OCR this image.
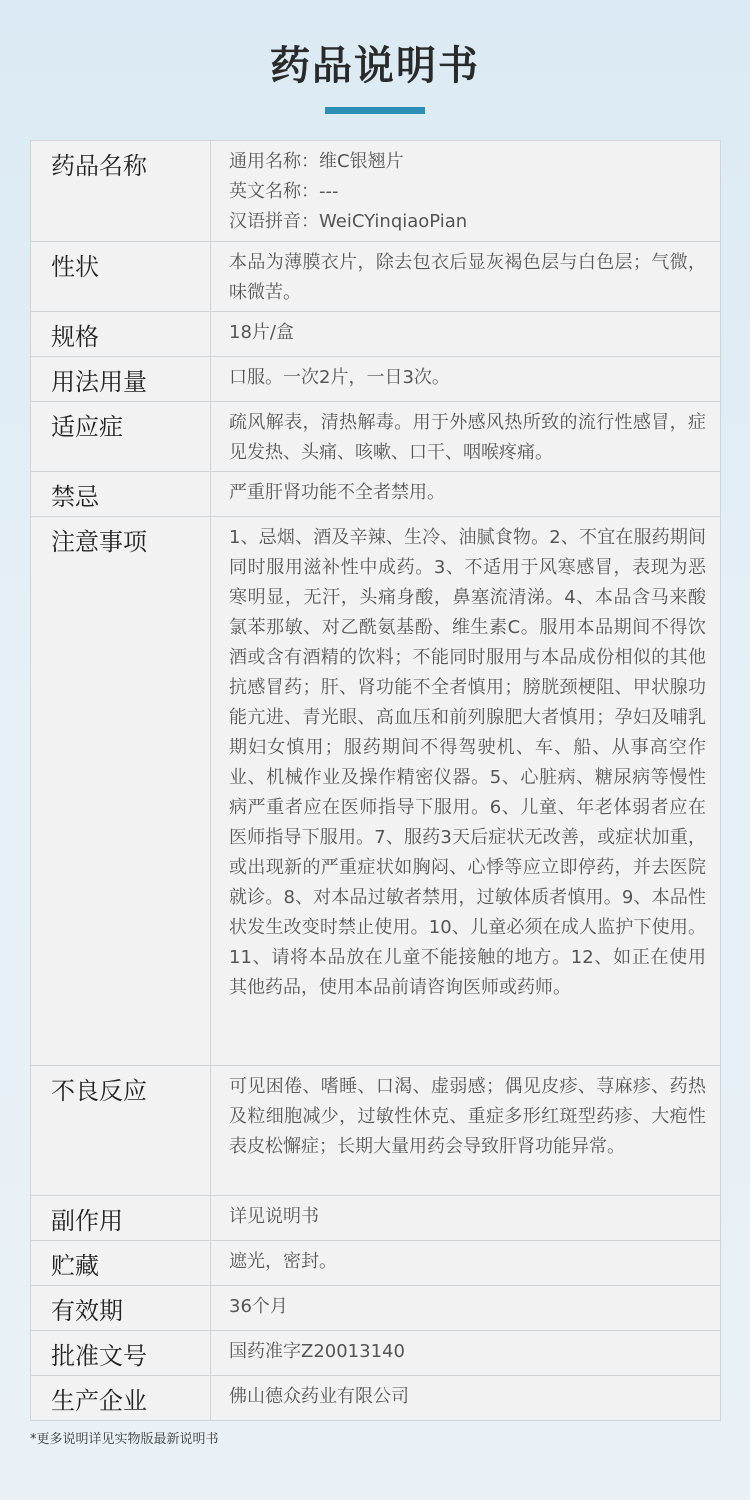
药品说明书
药品名称	通用名称：维C银翘片
英文名称：---
汉语拼音：WeiCYinqiaoPian

性状	本品为薄膜衣片，除去包衣后显灰褐色层与白色层；气微，味微苦。

规格	18片/盒

用法用量	口服。一次2片，一日3次。

适应症	疏风解表，清热解毒。用于外感风热所致的流行性感冒，症见发热、头痛、咳嗽、口干、咽喉疼痛。

禁忌	严重肝肾功能不全者禁用。

注意事项	1、忌烟、酒及辛辣、生冷、油腻食物。2、不宜在服药期间同时服用滋补性中成药。3、不适用于风寒感冒，表现为恶寒明显，无汗，头痛身酸，鼻塞流清涕。4、本品含马来酸氯苯那敏、对乙酰氨基酚、维生素C。服用本品期间不得饮酒或含有酒精的饮料；不能同时服用与本品成份相似的其他抗感冒药；肝、肾功能不全者慎用；膀胱颈梗阻、甲状腺功能亢进、青光眼、高血压和前列腺肥大者慎用；孕妇及哺乳期妇女慎用；服药期间不得驾驶机、车、船、从事高空作业、机械作业及操作精密仪器。5、心脏病、糖尿病等慢性病严重者应在医师指导下服用。6、儿童、年老体弱者应在医师指导下服用。7、服药3天后症状无改善，或症状加重，或出现新的严重症状如胸闷、心悸等应立即停药，并去医院就诊。8、对本品过敏者禁用，过敏体质者慎用。9、本品性状发生改变时禁止使用。10、儿童必须在成人监护下使用。11、请将本品放在儿童不能接触的地方。12、如正在使用其他药品，使用本品前请咨询医师或药师。

不良反应	可见困倦、嗜睡、口渴、虚弱感；偶见皮疹、荨麻疹、药热及粒细胞减少，过敏性休克、重症多形红斑型药疹、大疱性表皮松懈症；长期大量用药会导致肝肾功能异常。

副作用	详见说明书

贮藏	遮光，密封。

有效期	36个月

批准文号	国药准字Z20013140

生产企业	佛山德众药业有限公司
*更多说明详见实物版最新说明书
